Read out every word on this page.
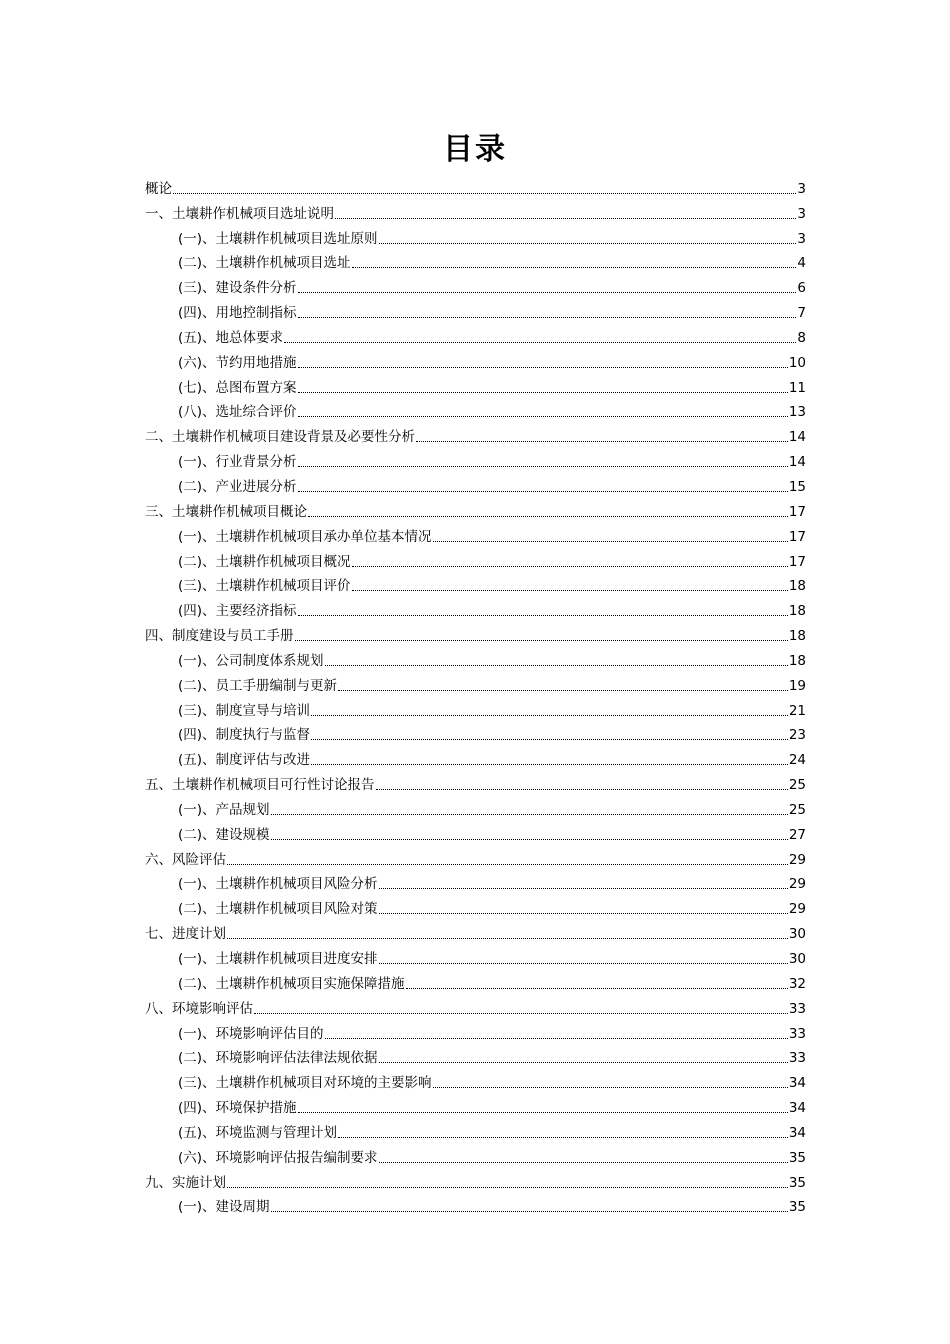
目录
概论	3
一、土壤耕作机械项目选址说明	3
(一)、土壤耕作机械项目选址原则	3
(二)、土壤耕作机械项目选址	4
(三)、建设条件分析	6
(四)、用地控制指标	7
(五)、地总体要求	8
(六)、节约用地措施	10
(七)、总图布置方案	11
(八)、选址综合评价	13
二、土壤耕作机械项目建设背景及必要性分析	14
(一)、行业背景分析	14
(二)、产业进展分析	15
三、土壤耕作机械项目概论	17
(一)、土壤耕作机械项目承办单位基本情况	17
(二)、土壤耕作机械项目概况	17
(三)、土壤耕作机械项目评价	18
(四)、主要经济指标	18
四、制度建设与员工手册	18
(一)、公司制度体系规划	18
(二)、员工手册编制与更新	19
(三)、制度宣导与培训	21
(四)、制度执行与监督	23
(五)、制度评估与改进	24
五、土壤耕作机械项目可行性讨论报告	25
(一)、产品规划	25
(二)、建设规模	27
六、风险评估	29
(一)、土壤耕作机械项目风险分析	29
(二)、土壤耕作机械项目风险对策	29
七、进度计划	30
(一)、土壤耕作机械项目进度安排	30
(二)、土壤耕作机械项目实施保障措施	32
八、环境影响评估	33
(一)、环境影响评估目的	33
(二)、环境影响评估法律法规依据	33
(三)、土壤耕作机械项目对环境的主要影响	34
(四)、环境保护措施	34
(五)、环境监测与管理计划	34
(六)、环境影响评估报告编制要求	35
九、实施计划	35
(一)、建设周期	35
